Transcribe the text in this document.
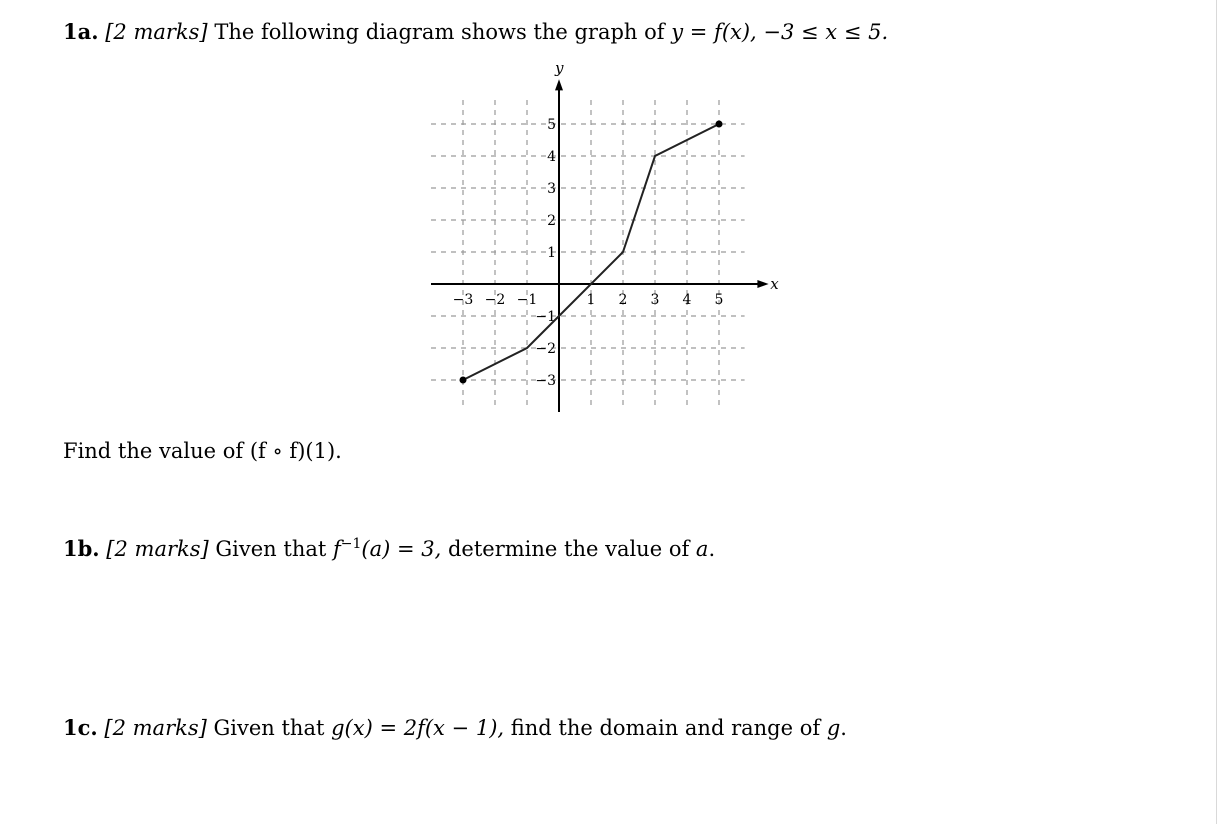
1a. [2 marks] The following diagram shows the graph of y = f(x), −3 ≤ x ≤ 5.
x
y
−3 −2 −1	1 2 3 4 5
5
4
3
2
1
−1
−2
−3
Find the value of (f ∘ f)(1).
1b. [2 marks] Given that $f^{-1}(a) = 3$, determine the value of a.
1c. [2 marks] Given that g(x) = 2f(x − 1), find the domain and range of g.
